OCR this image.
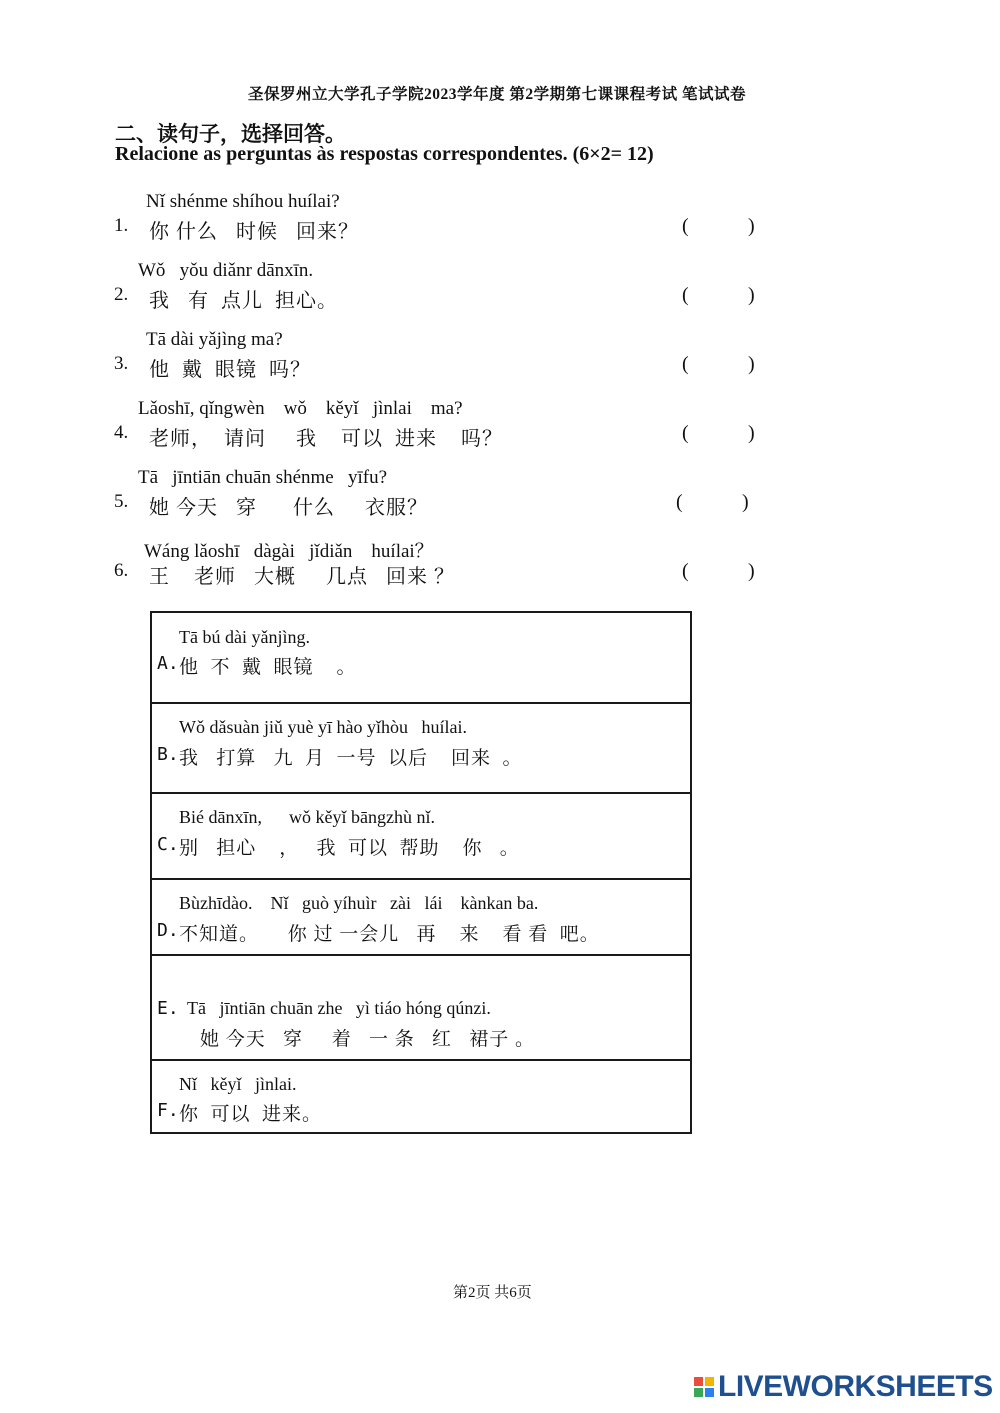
圣保罗州立大学孔子学院2023学年度 第2学期第七课课程考试 笔试试卷
二、读句子，选择回答。
Relacione as perguntas às respostas correspondentes. (6×2= 12)
Nǐ shénme shíhou huílai?
1. 你 什么   时候   回来？	(	)
Wǒ   yǒu diǎnr dānxīn.
2. 我   有  点儿  担心。	(	)
Tā dài yǎjìng ma?
3. 他  戴  眼镜  吗？	(	)
Lǎoshī, qǐngwèn    wǒ    kěyǐ   jìnlai    ma?
4. 老师，  请问     我    可以  进来    吗？	(	)
Tā   jīntiān chuān shénme   yīfu?
5. 她 今天   穿      什么     衣服？	(	)
Wáng lǎoshī   dàgài   jǐdiǎn    huílai？
6. 王    老师   大概     几点   回来 ？	(	)
Tā bú dài yǎnjìng.
A. 他  不  戴  眼镜    。
Wǒ dǎsuàn jiǔ yuè yī hào yǐhòu   huílai.
B. 我   打算   九  月  一号  以后    回来  。
Bié dānxīn,      wǒ kěyǐ bāngzhù nǐ.
C. 别   担心    ，   我  可以  帮助    你   。
Bùzhīdào.    Nǐ   guò yíhuìr   zài   lái    kànkan ba.
D. 不知道。     你 过 一会儿   再    来    看 看  吧。
E. Tā   jīntiān chuān zhe   yì tiáo hóng qúnzi.
她 今天   穿     着   一 条   红   裙子 。
Nǐ   kěyǐ   jìnlai.
F. 你  可以  进来。
第2页 共6页
LIVEWORKSHEETS
